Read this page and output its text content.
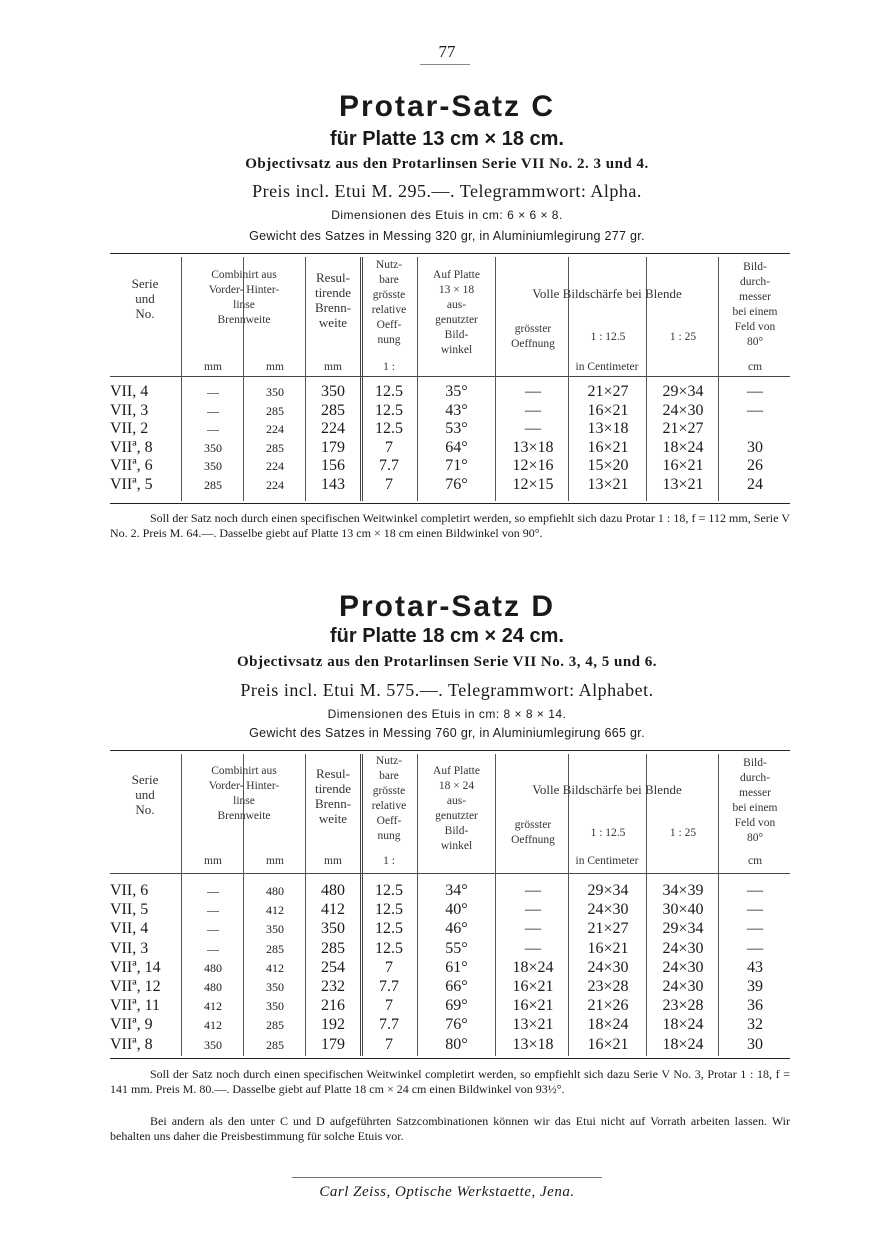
77
Protar-Satz C
für Platte 13 cm × 18 cm.
Objectivsatz aus den Protarlinsen Serie VII No. 2. 3 und 4.
Preis incl. Etui M. 295.—. Telegrammwort: Alpha.
Dimensionen des Etuis in cm: 6 × 6 × 8.
Gewicht des Satzes in Messing 320 gr, in Aluminiumlegirung 277 gr.
Serie
und
No.
Combinirt aus
Vorder- Hinter-
linse
Brennweite
Resul-
tirende
Brenn-
weite
Nutz-
bare
grösste
relative
Oeff-
nung
Auf Platte
13 × 18
aus-
genutzter
Bild-
winkel
Volle Bildschärfe bei Blende
grösster
Oeffnung
1 : 12.5	1 : 25
Bild-
durch-
messer
bei einem
Feld von
80°
mm	mm	mm	1 :	in Centimeter	cm
VII, 4	—	350	350	12.5	35°	—	21×27	29×34	—
VII, 3	—	285	285	12.5	43°	—	16×21	24×30	—
VII, 2	—	224	224	12.5	53°	—	13×18	21×27
VIIª, 8	350	285	179	7	64°	13×18	16×21	18×24	30
VIIª, 6	350	224	156	7.7	71°	12×16	15×20	16×21	26
VIIª, 5	285	224	143	7	76°	12×15	13×21	13×21	24
Soll der Satz noch durch einen specifischen Weitwinkel completirt werden, so empfiehlt sich dazu Protar 1 : 18, f = 112 mm, Serie V No. 2. Preis M. 64.—. Dasselbe giebt auf Platte 13 cm × 18 cm einen Bildwinkel von 90°.
Protar-Satz D
für Platte 18 cm × 24 cm.
Objectivsatz aus den Protarlinsen Serie VII No. 3, 4, 5 und 6.
Preis incl. Etui M. 575.—. Telegrammwort: Alphabet.
Dimensionen des Etuis in cm: 8 × 8 × 14.
Gewicht des Satzes in Messing 760 gr, in Aluminiumlegirung 665 gr.
Serie
und
No.
Combinirt aus
Vorder- Hinter-
linse
Brennweite
Resul-
tirende
Brenn-
weite
Nutz-
bare
grösste
relative
Oeff-
nung
Auf Platte
18 × 24
aus-
genutzter
Bild-
winkel
Volle Bildschärfe bei Blende
grösster
Oeffnung
1 : 12.5	1 : 25
Bild-
durch-
messer
bei einem
Feld von
80°
mm	mm	mm	1 :	in Centimeter	cm
VII, 6	—	480	480	12.5	34°	—	29×34	34×39	—
VII, 5	—	412	412	12.5	40°	—	24×30	30×40	—
VII, 4	—	350	350	12.5	46°	—	21×27	29×34	—
VII, 3	—	285	285	12.5	55°	—	16×21	24×30	—
VIIª, 14	480	412	254	7	61°	18×24	24×30	24×30	43
VIIª, 12	480	350	232	7.7	66°	16×21	23×28	24×30	39
VIIª, 11	412	350	216	7	69°	16×21	21×26	23×28	36
VIIª, 9	412	285	192	7.7	76°	13×21	18×24	18×24	32
VIIª, 8	350	285	179	7	80°	13×18	16×21	18×24	30
Soll der Satz noch durch einen specifischen Weitwinkel completirt werden, so empfiehlt sich dazu Serie V No. 3, Protar 1 : 18, f = 141 mm. Preis M. 80.—. Dasselbe giebt auf Platte 18 cm × 24 cm einen Bildwinkel von 93½°.
Bei andern als den unter C und D aufgeführten Satzcombinationen können wir das Etui nicht auf Vorrath arbeiten lassen. Wir behalten uns daher die Preisbestimmung für solche Etuis vor.
Carl Zeiss, Optische Werkstaette, Jena.
